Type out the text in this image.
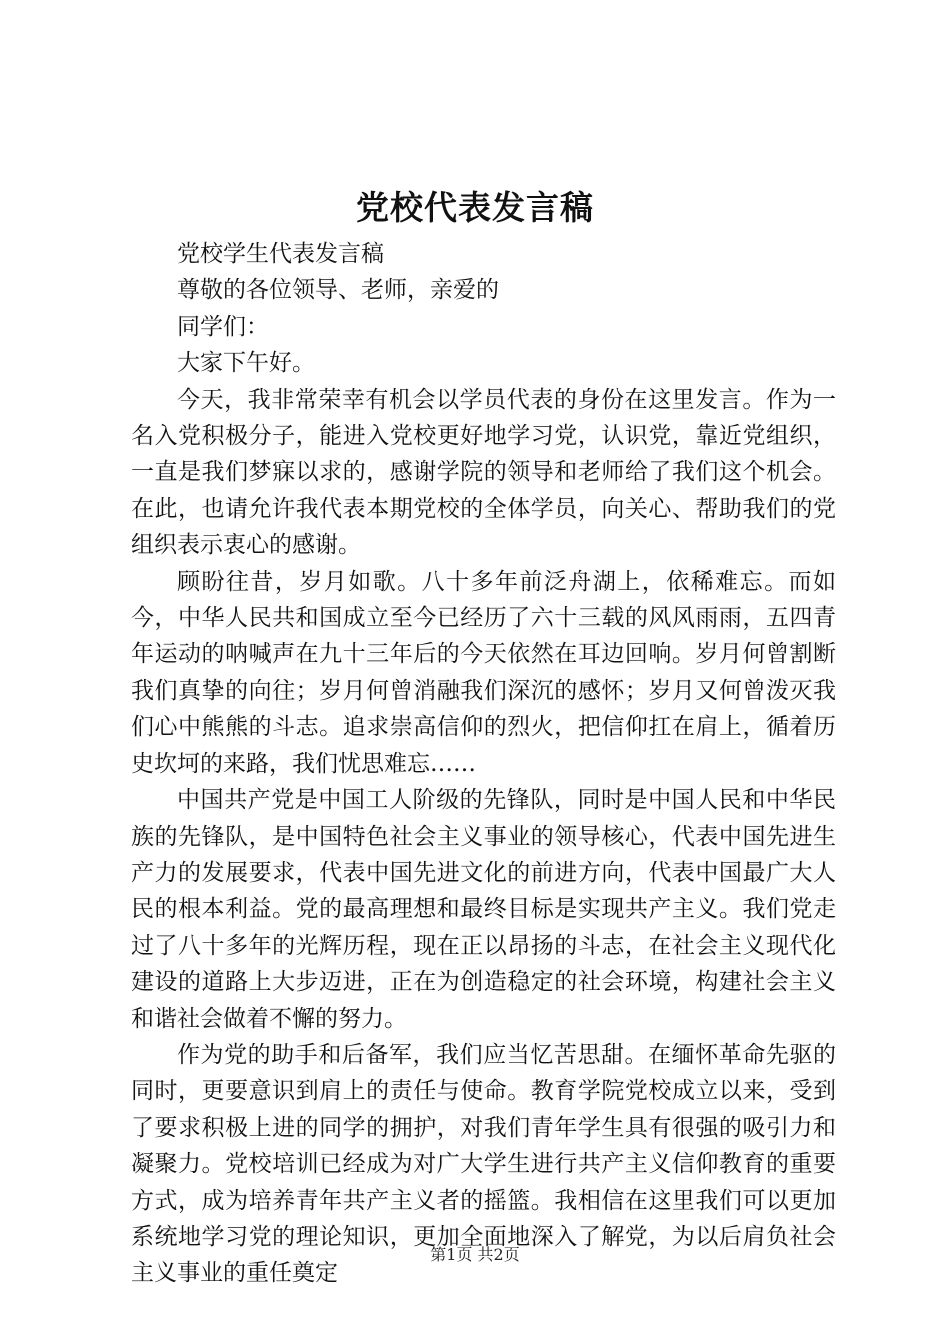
党校代表发言稿

党校学生代表发言稿

尊敬的各位领导、老师，亲爱的

同学们：

大家下午好。

今天，我非常荣幸有机会以学员代表的身份在这里发言。作为一名入党积极分子，能进入党校更好地学习党，认识党，靠近党组织，一直是我们梦寐以求的，感谢学院的领导和老师给了我们这个机会。在此，也请允许我代表本期党校的全体学员，向关心、帮助我们的党组织表示衷心的感谢。

顾盼往昔，岁月如歌。八十多年前泛舟湖上，依稀难忘。而如今，中华人民共和国成立至今已经历了六十三载的风风雨雨，五四青年运动的呐喊声在九十三年后的今天依然在耳边回响。岁月何曾割断我们真挚的向往；岁月何曾消融我们深沉的感怀；岁月又何曾泼灭我们心中熊熊的斗志。追求崇高信仰的烈火，把信仰扛在肩上，循着历史坎坷的来路，我们忧思难忘……

中国共产党是中国工人阶级的先锋队，同时是中国人民和中华民族的先锋队，是中国特色社会主义事业的领导核心，代表中国先进生产力的发展要求，代表中国先进文化的前进方向，代表中国最广大人民的根本利益。党的最高理想和最终目标是实现共产主义。我们党走过了八十多年的光辉历程，现在正以昂扬的斗志，在社会主义现代化建设的道路上大步迈进，正在为创造稳定的社会环境，构建社会主义和谐社会做着不懈的努力。

作为党的助手和后备军，我们应当忆苦思甜。在缅怀革命先驱的同时，更要意识到肩上的责任与使命。教育学院党校成立以来，受到了要求积极上进的同学的拥护，对我们青年学生具有很强的吸引力和凝聚力。党校培训已经成为对广大学生进行共产主义信仰教育的重要方式，成为培养青年共产主义者的摇篮。我相信在这里我们可以更加系统地学习党的理论知识，更加全面地深入了解党，为以后肩负社会主义事业的重任奠定

第1页 共2页
